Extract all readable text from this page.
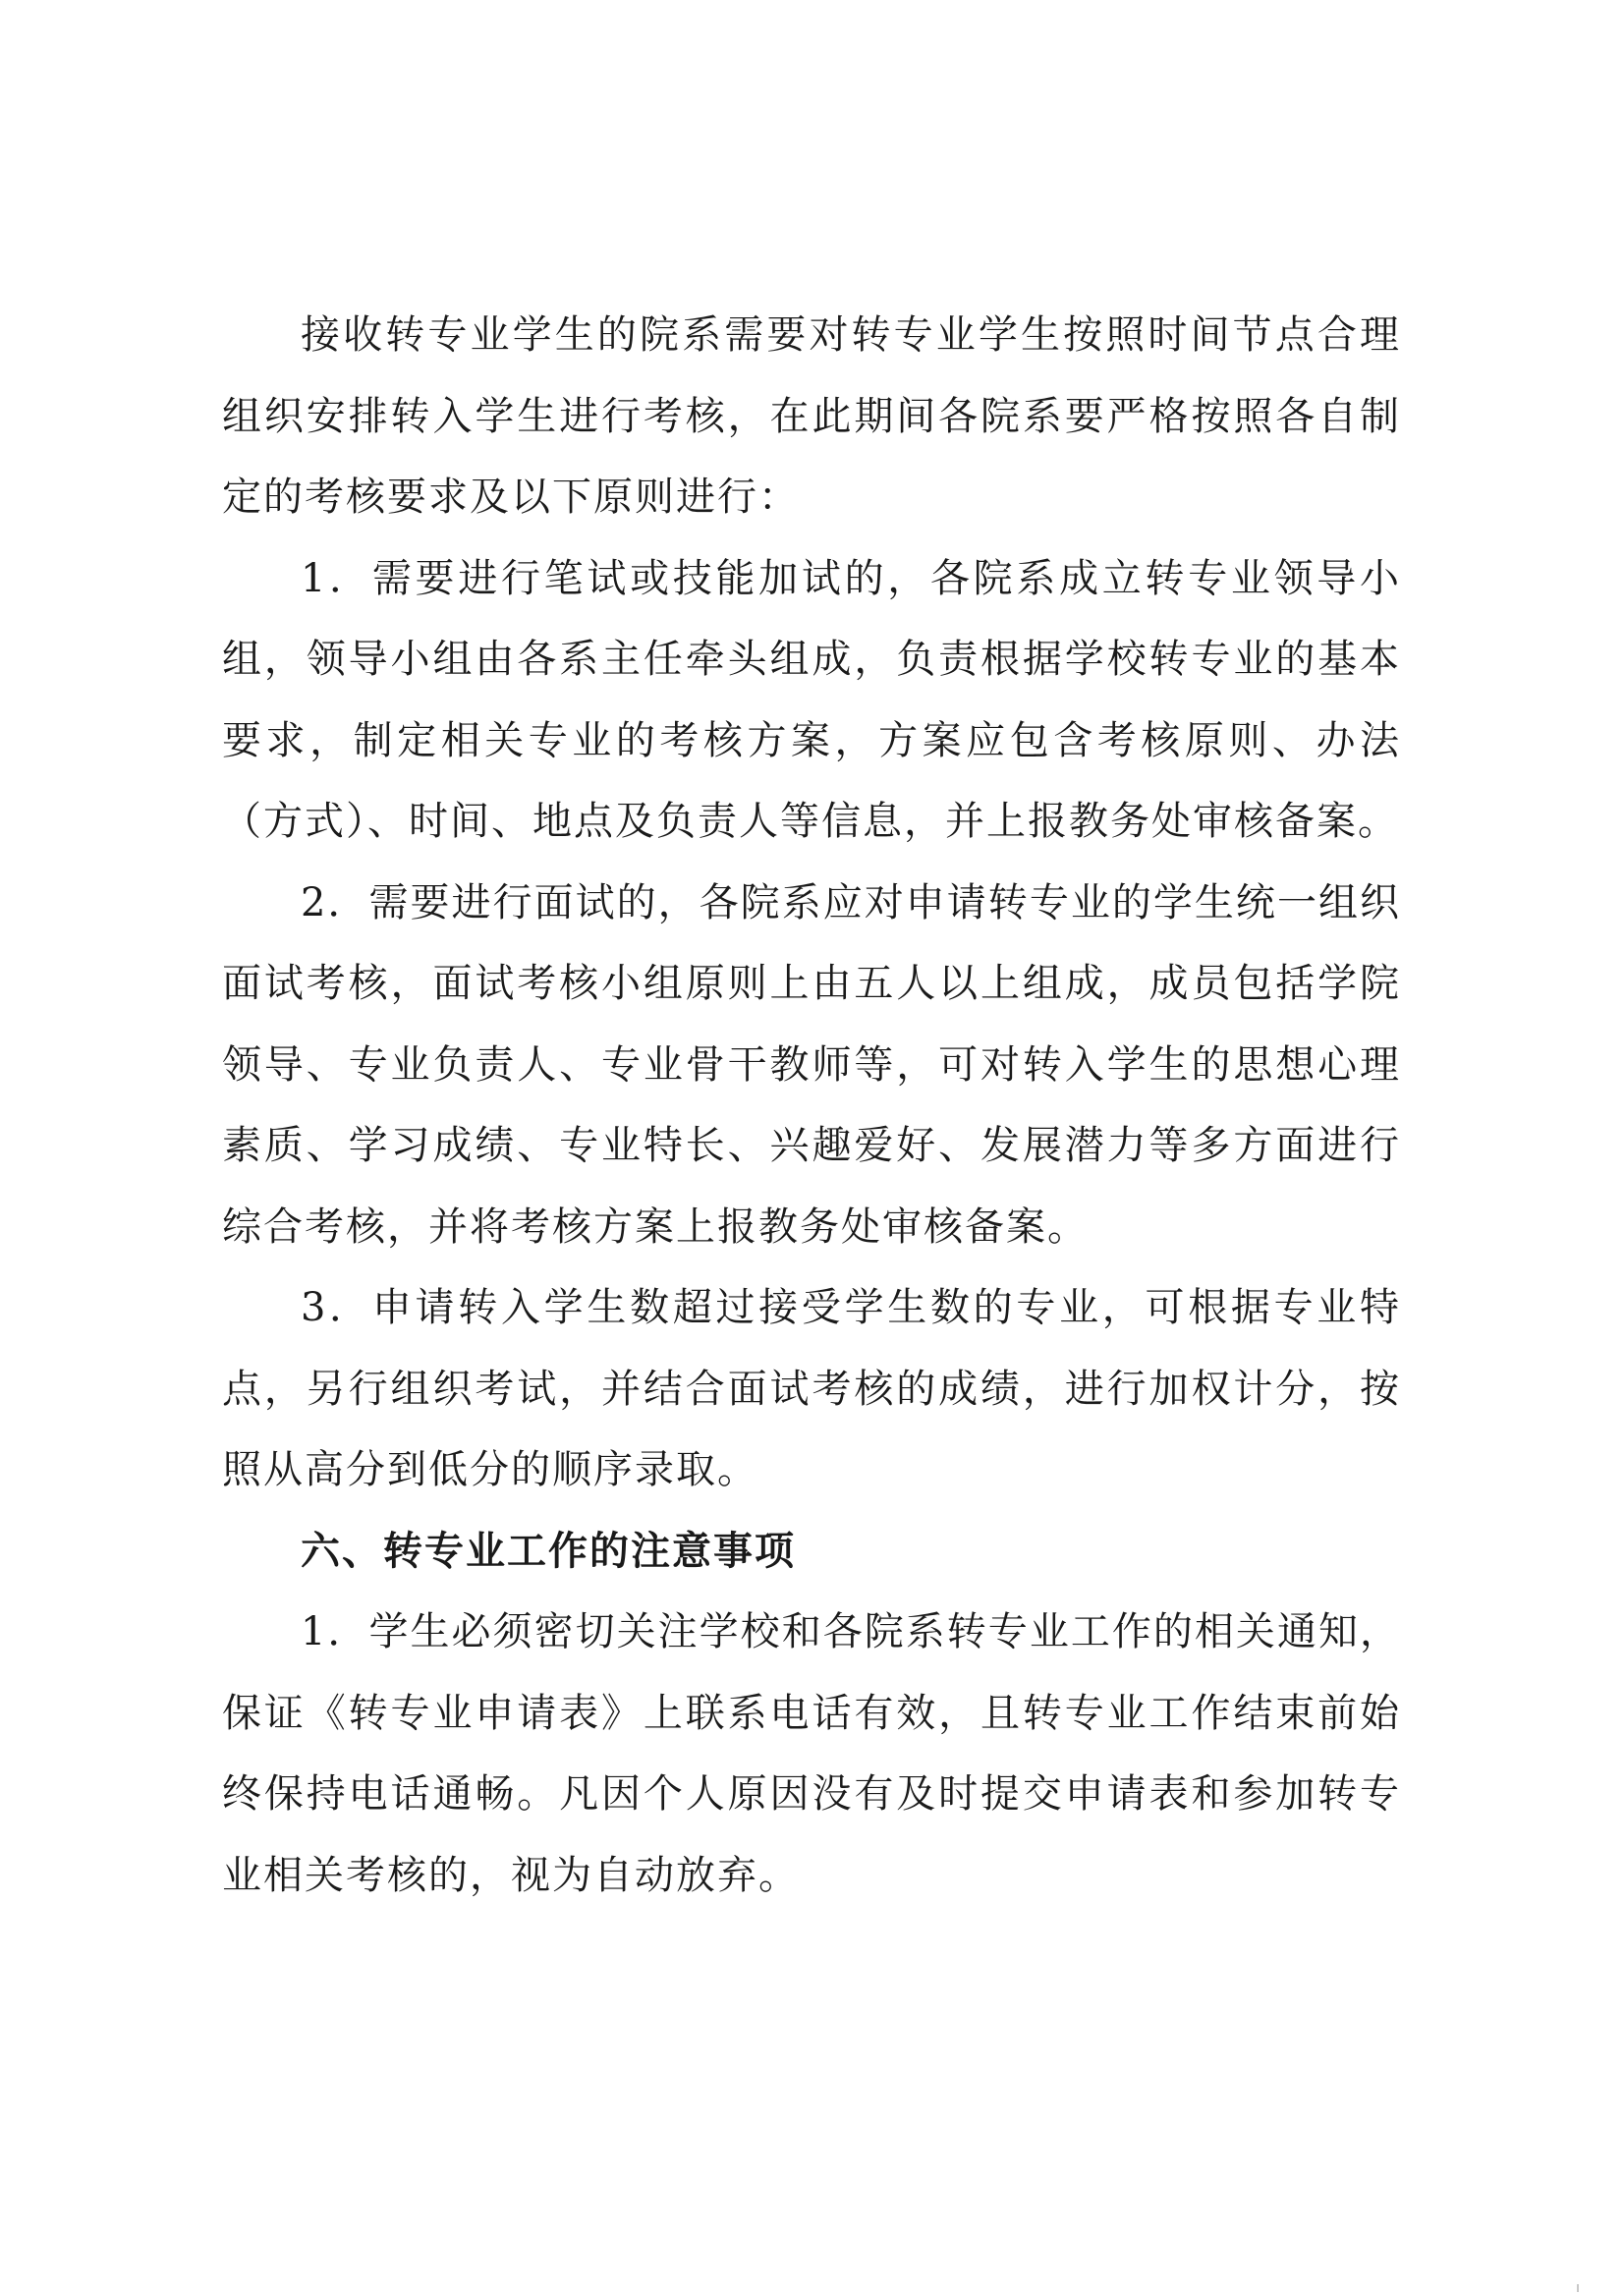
接收转专业学生的院系需要对转专业学生按照时间节点合理组织安排转入学生进行考核，在此期间各院系要严格按照各自制定的考核要求及以下原则进行：

1．需要进行笔试或技能加试的，各院系成立转专业领导小组，领导小组由各系主任牵头组成，负责根据学校转专业的基本要求，制定相关专业的考核方案，方案应包含考核原则、办法（方式）、时间、地点及负责人等信息，并上报教务处审核备案。

2．需要进行面试的，各院系应对申请转专业的学生统一组织面试考核，面试考核小组原则上由五人以上组成，成员包括学院领导、专业负责人、专业骨干教师等，可对转入学生的思想心理素质、学习成绩、专业特长、兴趣爱好、发展潜力等多方面进行综合考核，并将考核方案上报教务处审核备案。

3．申请转入学生数超过接受学生数的专业，可根据专业特点，另行组织考试，并结合面试考核的成绩，进行加权计分，按照从高分到低分的顺序录取。

六、转专业工作的注意事项

1．学生必须密切关注学校和各院系转专业工作的相关通知，保证《转专业申请表》上联系电话有效，且转专业工作结束前始终保持电话通畅。凡因个人原因没有及时提交申请表和参加转专业相关考核的，视为自动放弃。
